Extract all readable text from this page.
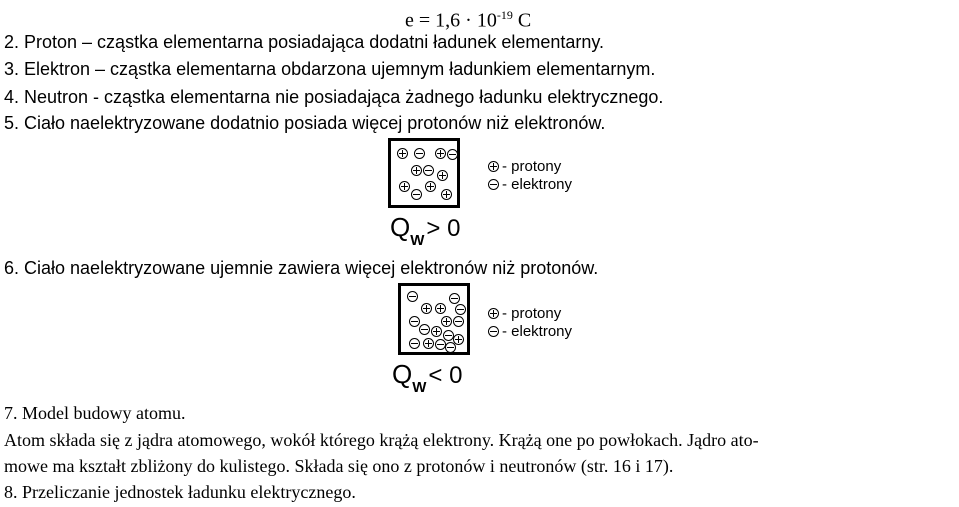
$e = 1,6 \cdot 10^{-19}$ C
2. Proton – cząstka elementarna posiadająca dodatni ładunek elementarny.
3. Elektron – cząstka elementarna obdarzona ujemnym ładunkiem elementarnym.
4. Neutron - cząstka elementarna nie posiadająca żadnego ładunku elektrycznego.
5. Ciało naelektryzowane dodatnio posiada więcej protonów niż elektronów.
QW> 0
- protony
- elektrony
6. Ciało naelektryzowane ujemnie zawiera więcej elektronów niż protonów.
QW< 0
- protony
- elektrony
7. Model budowy atomu.
Atom składa się z jądra atomowego, wokół którego krążą elektrony. Krążą one po powłokach. Jądro ato-
mowe ma kształt zbliżony do kulistego. Składa się ono z protonów i neutronów (str. 16 i 17).
8. Przeliczanie jednostek ładunku elektrycznego.
